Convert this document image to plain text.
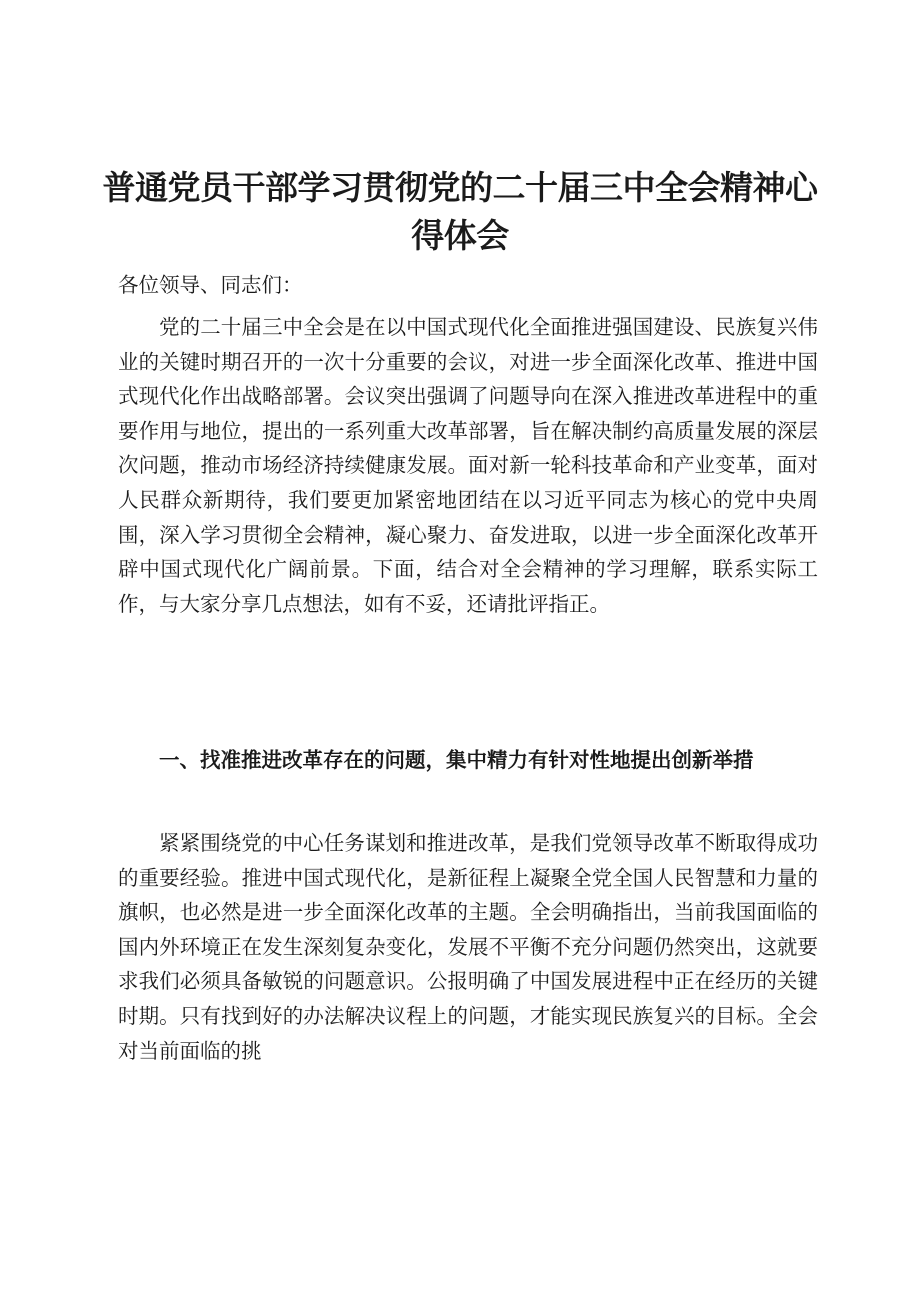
普通党员干部学习贯彻党的二十届三中全会精神心得体会

各位领导、同志们：

党的二十届三中全会是在以中国式现代化全面推进强国建设、民族复兴伟业的关键时期召开的一次十分重要的会议，对进一步全面深化改革、推进中国式现代化作出战略部署。会议突出强调了问题导向在深入推进改革进程中的重要作用与地位，提出的一系列重大改革部署，旨在解决制约高质量发展的深层次问题，推动市场经济持续健康发展。面对新一轮科技革命和产业变革，面对人民群众新期待，我们要更加紧密地团结在以习近平同志为核心的党中央周围，深入学习贯彻全会精神，凝心聚力、奋发进取，以进一步全面深化改革开辟中国式现代化广阔前景。下面，结合对全会精神的学习理解，联系实际工作，与大家分享几点想法，如有不妥，还请批评指正。

一、找准推进改革存在的问题，集中精力有针对性地提出创新举措

紧紧围绕党的中心任务谋划和推进改革，是我们党领导改革不断取得成功的重要经验。推进中国式现代化，是新征程上凝聚全党全国人民智慧和力量的旗帜，也必然是进一步全面深化改革的主题。全会明确指出，当前我国面临的国内外环境正在发生深刻复杂变化，发展不平衡不充分问题仍然突出，这就要求我们必须具备敏锐的问题意识。公报明确了中国发展进程中正在经历的关键时期。只有找到好的办法解决议程上的问题，才能实现民族复兴的目标。全会对当前面临的挑
